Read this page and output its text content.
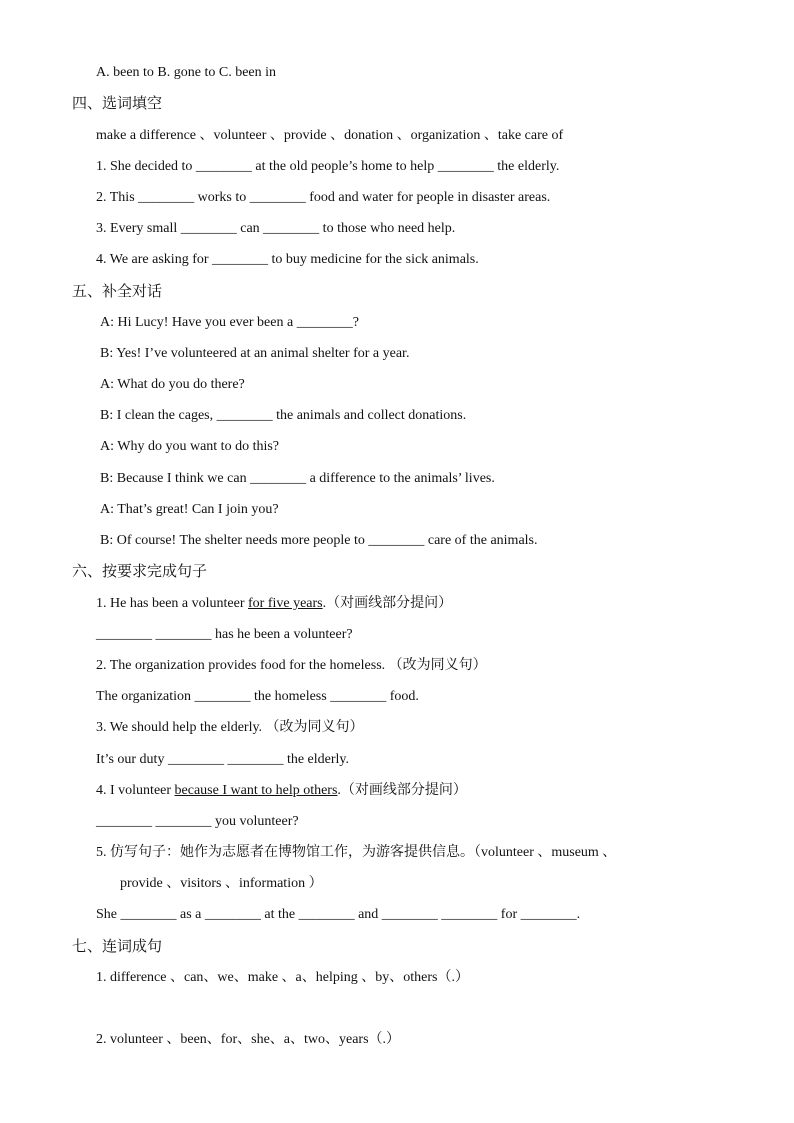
A. been to B. gone to C. been in
四、选词填空
make a difference 、volunteer 、provide 、donation 、organization 、take care of
1. She decided to ________ at the old people’s home to help ________ the elderly.
2. This ________ works to ________ food and water for people in disaster areas.
3. Every small ________ can ________ to those who need help.
4. We are asking for ________ to buy medicine for the sick animals.
五、补全对话
A: Hi Lucy! Have you ever been a ________?
B: Yes! I’ve volunteered at an animal shelter for a year.
A: What do you do there?
B: I clean the cages, ________ the animals and collect donations.
A: Why do you want to do this?
B: Because I think we can ________ a difference to the animals’ lives.
A: That’s great! Can I join you?
B: Of course! The shelter needs more people to ________ care of the animals.
六、按要求完成句子
1. He has been a volunteer for five years.（对画线部分提问）
________ ________ has he been a volunteer?
2. The organization provides food for the homeless. （改为同义句）
The organization ________ the homeless ________ food.
3. We should help the elderly. （改为同义句）
It’s our duty ________ ________ the elderly.
4. I volunteer because I want to help others.（对画线部分提问）
________ ________ you volunteer?
5. 仿写句子：她作为志愿者在博物馆工作，为游客提供信息。（volunteer 、museum 、
provide 、visitors 、information ）
She ________ as a ________ at the ________ and ________ ________ for ________.
七、连词成句
1. difference 、can、we、make 、a、helping 、by、others（.）
2. volunteer 、been、for、she、a、two、years（.）
